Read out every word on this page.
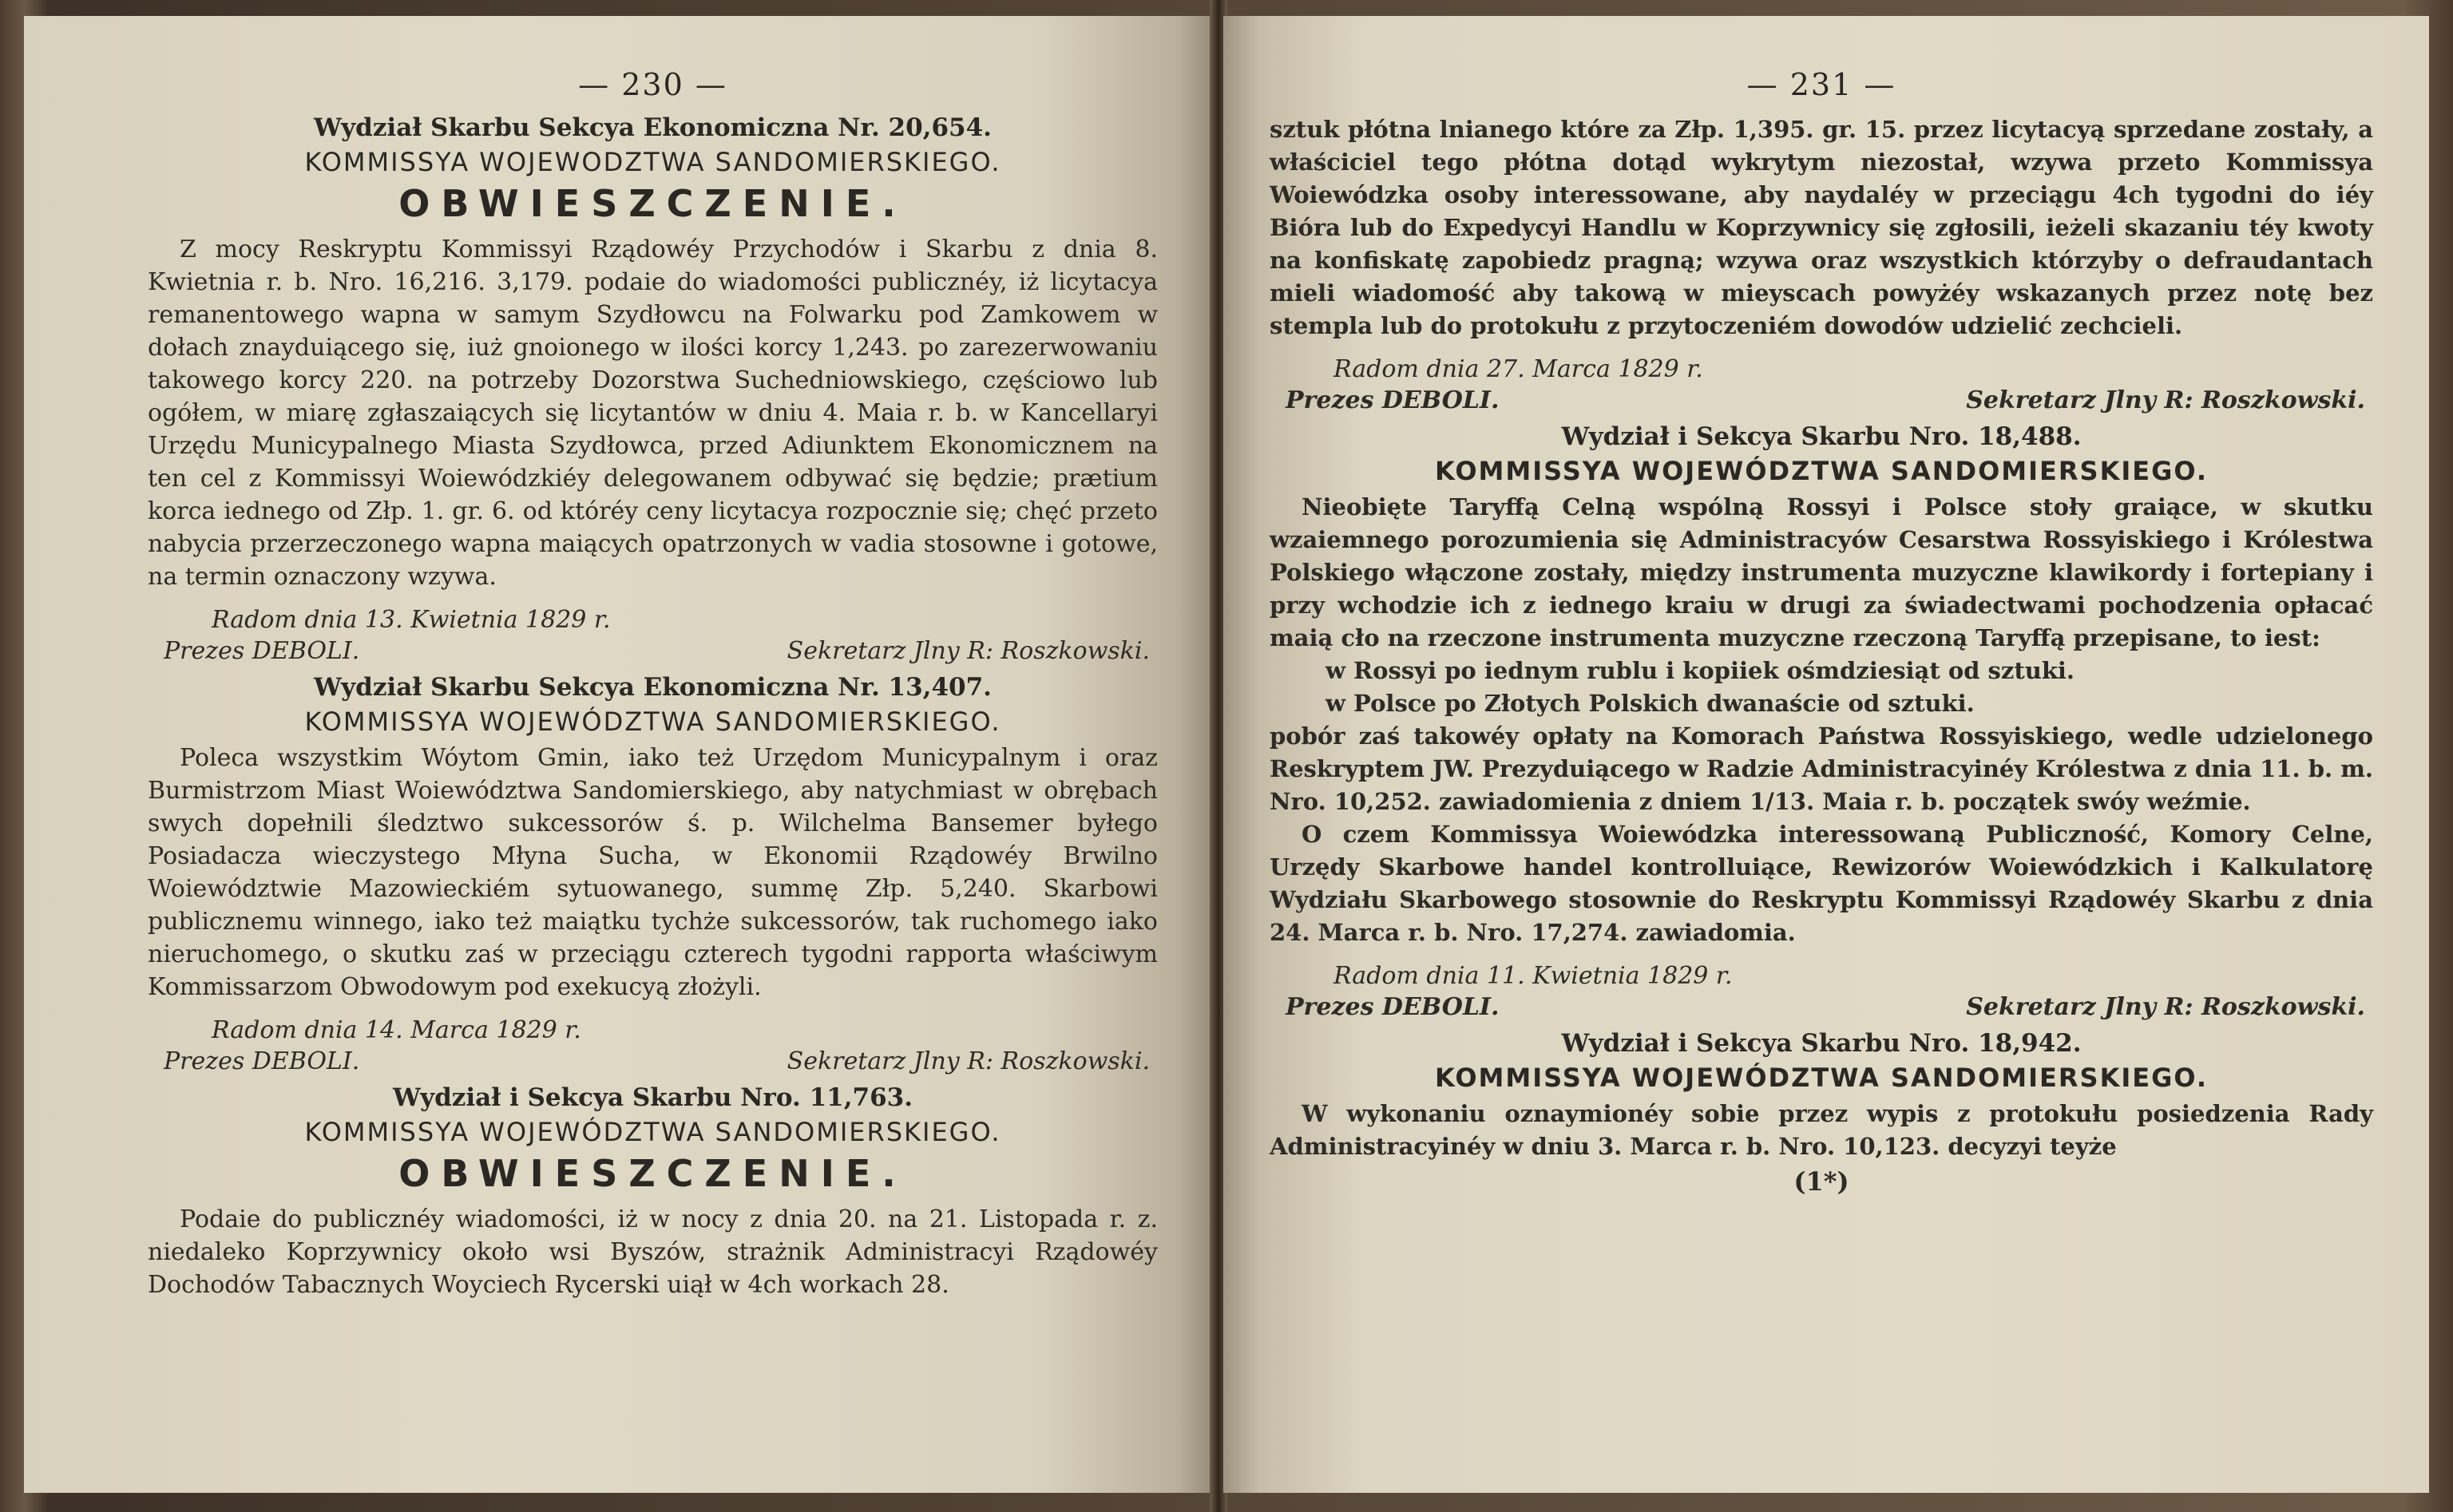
— 230 —
Wydział Skarbu Sekcya Ekonomiczna Nr. 20,654.
KOMMISSYA WOJEWODZTWA SANDOMIERSKIEGO.
OBWIESZCZENIE.

Z mocy Reskryptu Kommissyi Rządowéy Przychodów i Skarbu z dnia 8. Kwietnia r. b. Nro. 16,216. 3,179. podaie do wiadomości publicznéy, iż licytacya remanentowego wapna w samym Szydłowcu na Folwarku pod Zamkowem w dołach znayduiącego się, iuż gnoionego w ilości korcy 1,243. po zarezerwowaniu takowego korcy 220. na potrzeby Dozorstwa Suchedniowskiego, częściowo lub ogółem, w miarę zgłaszaiących się licytantów w dniu 4. Maia r. b. w Kancellaryi Urzędu Municypalnego Miasta Szydłowca, przed Adiunktem Ekonomicznem na ten cel z Kommissyi Woiewódzkiéy delegowanem odbywać się będzie; prætium korca iednego od Złp. 1. gr. 6. od któréy ceny licytacya rozpocznie się; chęć przeto nabycia przerzeczonego wapna maiących opatrzonych w vadia stosowne i gotowe, na termin oznaczony wzywa.

Radom dnia 13. Kwietnia 1829 r.
Prezes DEBOLI.	Sekretarz Jlny R: Roszkowski.
Wydział Skarbu Sekcya Ekonomiczna Nr. 13,407.
KOMMISSYA WOJEWÓDZTWA SANDOMIERSKIEGO.

Poleca wszystkim Wóytom Gmin, iako też Urzędom Municypalnym i oraz Burmistrzom Miast Woiewództwa Sandomierskiego, aby natychmiast w obrębach swych dopełnili śledztwo sukcessorów ś. p. Wilchelma Bansemer byłego Posiadacza wieczystego Młyna Sucha, w Ekonomii Rządowéy Brwilno Woiewództwie Mazowieckiém sytuowanego, summę Złp. 5,240. Skarbowi publicznemu winnego, iako też maiątku tychże sukcessorów, tak ruchomego iako nieruchomego, o skutku zaś w przeciągu czterech tygodni rapporta właściwym Kommissarzom Obwodowym pod exekucyą złożyli.

Radom dnia 14. Marca 1829 r.
Prezes DEBOLI.	Sekretarz Jlny R: Roszkowski.
Wydział i Sekcya Skarbu Nro. 11,763.
KOMMISSYA WOJEWÓDZTWA SANDOMIERSKIEGO.
OBWIESZCZENIE.

Podaie do publicznéy wiadomości, iż w nocy z dnia 20. na 21. Listopada r. z. niedaleko Koprzywnicy około wsi Byszów, strażnik Administracyi Rządowéy Dochodów Tabacznych Woyciech Rycerski uiął w 4ch workach 28.

— 231 —

sztuk płótna lnianego które za Złp. 1,395. gr. 15. przez licytacyą sprzedane zostały, a właściciel tego płótna dotąd wykrytym niezostał, wzywa przeto Kommissya Woiewódzka osoby interessowane, aby naydaléy w przeciągu 4ch tygodni do iéy Bióra lub do Expedycyi Handlu w Koprzywnicy się zgłosili, ieżeli skazaniu téy kwoty na konfiskatę zapobiedz pragną; wzywa oraz wszystkich którzyby o defraudantach mieli wiadomość aby takową w mieyscach powyżéy wskazanych przez notę bez stempla lub do protokułu z przytoczeniém dowodów udzielić zechcieli.

Radom dnia 27. Marca 1829 r.
Prezes DEBOLI.	Sekretarz Jlny R: Roszkowski.
Wydział i Sekcya Skarbu Nro. 18,488.
KOMMISSYA WOJEWÓDZTWA SANDOMIERSKIEGO.

Nieobięte Taryffą Celną wspólną Rossyi i Polsce stoły graiące, w skutku wzaiemnego porozumienia się Administracyów Cesarstwa Rossyiskiego i Królestwa Polskiego włączone zostały, między instrumenta muzyczne klawikordy i fortepiany i przy wchodzie ich z iednego kraiu w drugi za świadectwami pochodzenia opłacać maią cło na rzeczone instrumenta muzyczne rzeczoną Taryffą przepisane, to iest:

w Rossyi po iednym rublu i kopiiek ośmdziesiąt od sztuki.
w Polsce po Złotych Polskich dwanaście od sztuki.

pobór zaś takowéy opłaty na Komorach Państwa Rossyiskiego, wedle udzielonego Reskryptem JW. Prezyduiącego w Radzie Administracyinéy Królestwa z dnia 11. b. m. Nro. 10,252. zawiadomienia z dniem 1/13. Maia r. b. początek swóy weźmie.

O czem Kommissya Woiewódzka interessowaną Publiczność, Komory Celne, Urzędy Skarbowe handel kontrolluiące, Rewizorów Woiewódzkich i Kalkulatorę Wydziału Skarbowego stosownie do Reskryptu Kommissyi Rządowéy Skarbu z dnia 24. Marca r. b. Nro. 17,274. zawiadomia.

Radom dnia 11. Kwietnia 1829 r.
Prezes DEBOLI.	Sekretarz Jlny R: Roszkowski.
Wydział i Sekcya Skarbu Nro. 18,942.
KOMMISSYA WOJEWÓDZTWA SANDOMIERSKIEGO.

W wykonaniu oznaymionéy sobie przez wypis z protokułu posiedzenia Rady Administracyinéy w dniu 3. Marca r. b. Nro. 10,123. decyzyi teyże

(1*)
